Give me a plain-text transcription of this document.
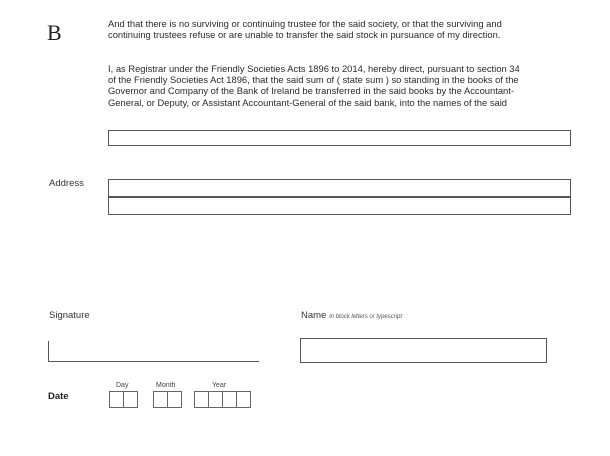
B	And that there is no surviving or continuing trustee for the said society, or that the surviving and
continuing trustees refuse or are unable to transfer the said stock in pursuance of my direction.
I, as Registrar under the Friendly Societies Acts 1896 to 2014, hereby direct, pursuant to section 34
of the Friendly Societies Act 1896, that the said sum of ( state sum ) so standing in the books of the
Governor and Company of the Bank of Ireland be transferred in the said books by the Accountant-
General, or Deputy, or Assistant Accountant-General of the said bank, into the names of the said
Address
Signature	Name in block letters or typescript
Date
Day	Month	Year
